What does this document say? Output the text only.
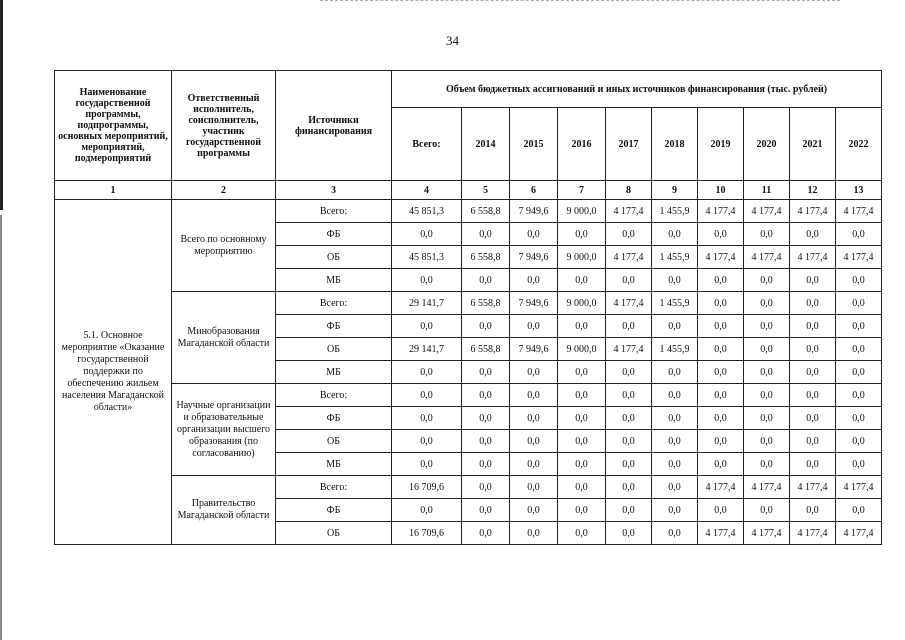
34
Наименование государственной программы, подпрограммы, основных мероприятий, мероприятий, подмероприятий	Ответственный исполнитель, соисполнитель, участник государственной программы	Источники финансирования	Объем бюджетных ассигнований и иных источников финансирования (тыс. рублей)									
			Всего:	2014	2015	2016	2017	2018	2019	2020	2021	2022
1	2	3	4	5	6	7	8	9	10	11	12	13
5.1. Основное мероприятие «Оказание государственной поддержки по обеспечению жильем населения Магаданской области»	Всего по основному мероприятию	Всего:	45 851,3	6 558,8	7 949,6	9 000,0	4 177,4	1 455,9	4 177,4	4 177,4	4 177,4	4 177,4
		ФБ	0,0	0,0	0,0	0,0	0,0	0,0	0,0	0,0	0,0	0,0
		ОБ	45 851,3	6 558,8	7 949,6	9 000,0	4 177,4	1 455,9	4 177,4	4 177,4	4 177,4	4 177,4
		МБ	0,0	0,0	0,0	0,0	0,0	0,0	0,0	0,0	0,0	0,0
	Минобразования Магаданской области	Всего:	29 141,7	6 558,8	7 949,6	9 000,0	4 177,4	1 455,9	0,0	0,0	0,0	0,0
		ФБ	0,0	0,0	0,0	0,0	0,0	0,0	0,0	0,0	0,0	0,0
		ОБ	29 141,7	6 558,8	7 949,6	9 000,0	4 177,4	1 455,9	0,0	0,0	0,0	0,0
		МБ	0,0	0,0	0,0	0,0	0,0	0,0	0,0	0,0	0,0	0,0
	Научные организации и образовательные организации высшего образования (по согласованию)	Всего:	0,0	0,0	0,0	0,0	0,0	0,0	0,0	0,0	0,0	0,0
		ФБ	0,0	0,0	0,0	0,0	0,0	0,0	0,0	0,0	0,0	0,0
		ОБ	0,0	0,0	0,0	0,0	0,0	0,0	0,0	0,0	0,0	0,0
		МБ	0,0	0,0	0,0	0,0	0,0	0,0	0,0	0,0	0,0	0,0
	Правительство Магаданской области	Всего:	16 709,6	0,0	0,0	0,0	0,0	0,0	4 177,4	4 177,4	4 177,4	4 177,4
		ФБ	0,0	0,0	0,0	0,0	0,0	0,0	0,0	0,0	0,0	0,0
		ОБ	16 709,6	0,0	0,0	0,0	0,0	0,0	4 177,4	4 177,4	4 177,4	4 177,4
